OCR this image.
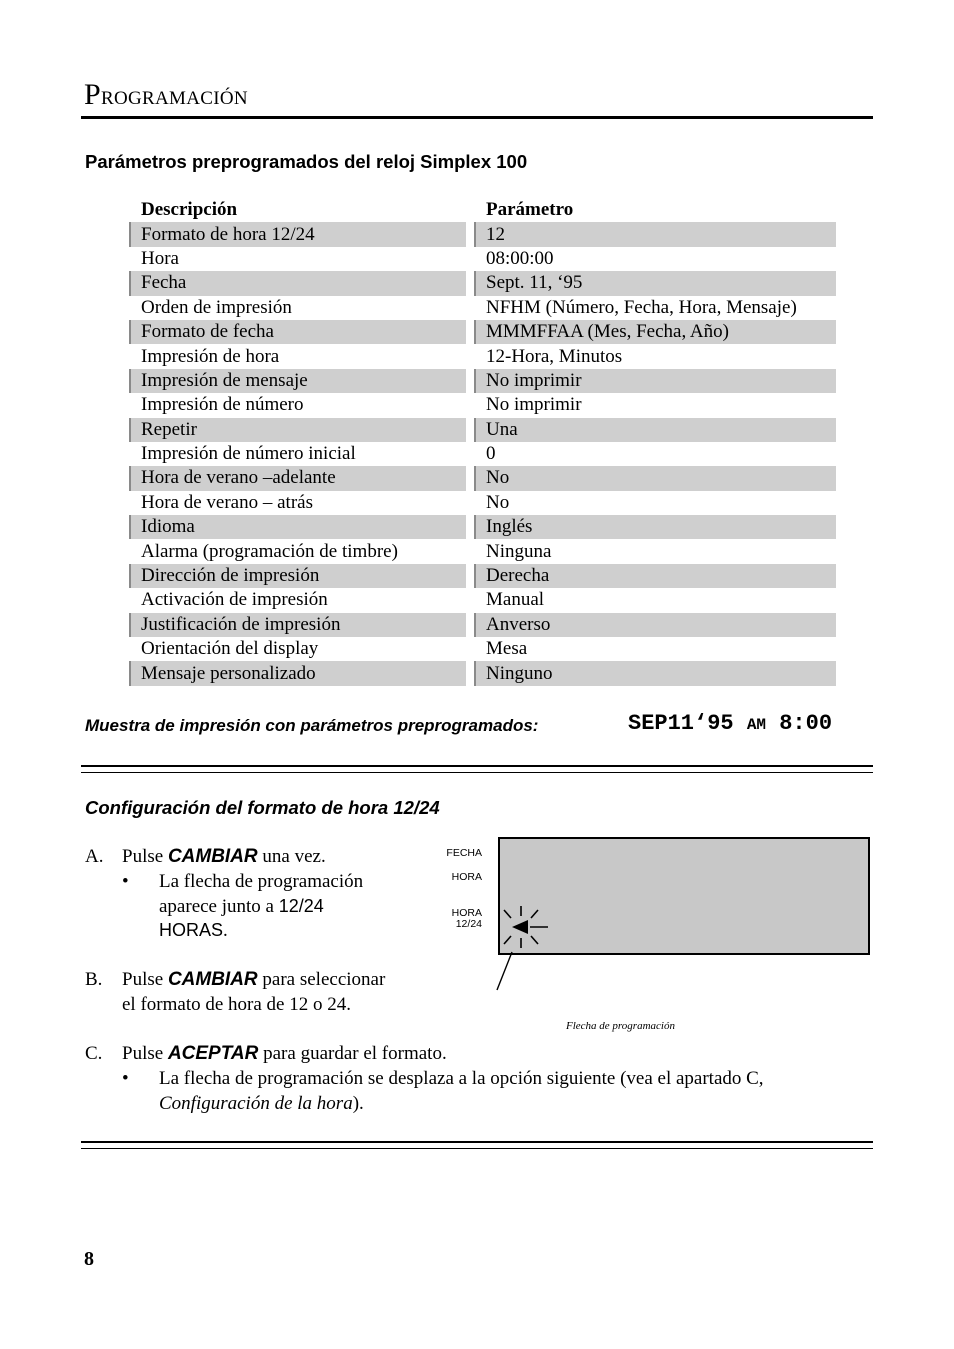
PROGRAMACIÓN
Parámetros preprogramados del reloj Simplex 100
Descripción		Parámetro
Formato de hora 12/24		12
Hora		08:00:00
Fecha		Sept. 11, ‘95
Orden de impresión		NFHM (Número, Fecha, Hora, Mensaje)
Formato de fecha		MMMFFAA (Mes, Fecha, Año)
Impresión de hora		12-Hora, Minutos
Impresión de mensaje		No imprimir
Impresión de número		No imprimir
Repetir		Una
Impresión de número inicial		0
Hora de verano –adelante		No
Hora de verano – atrás		No
Idioma		Inglés
Alarma (programación de timbre)		Ninguna
Dirección de impresión		Derecha
Activación de impresión		Manual
Justificación de impresión		Anverso
Orientación del display		Mesa
Mensaje personalizado		Ninguno
Muestra de impresión con parámetros preprogramados:	SEP11‘95 AM 8:00
Configuración del formato de hora 12/24
A. Pulse CAMBIAR una vez.
• La flecha de programación
aparece junto a 12/24
HORAS.
B. Pulse CAMBIAR para seleccionar
el formato de hora de 12 o 24.
C. Pulse ACEPTAR para guardar el formato.
• La flecha de programación se desplaza a la opción siguiente (vea el apartado C,
Configuración de la hora).
FECHA
HORA
HORA
12/24
Flecha de programación
8
